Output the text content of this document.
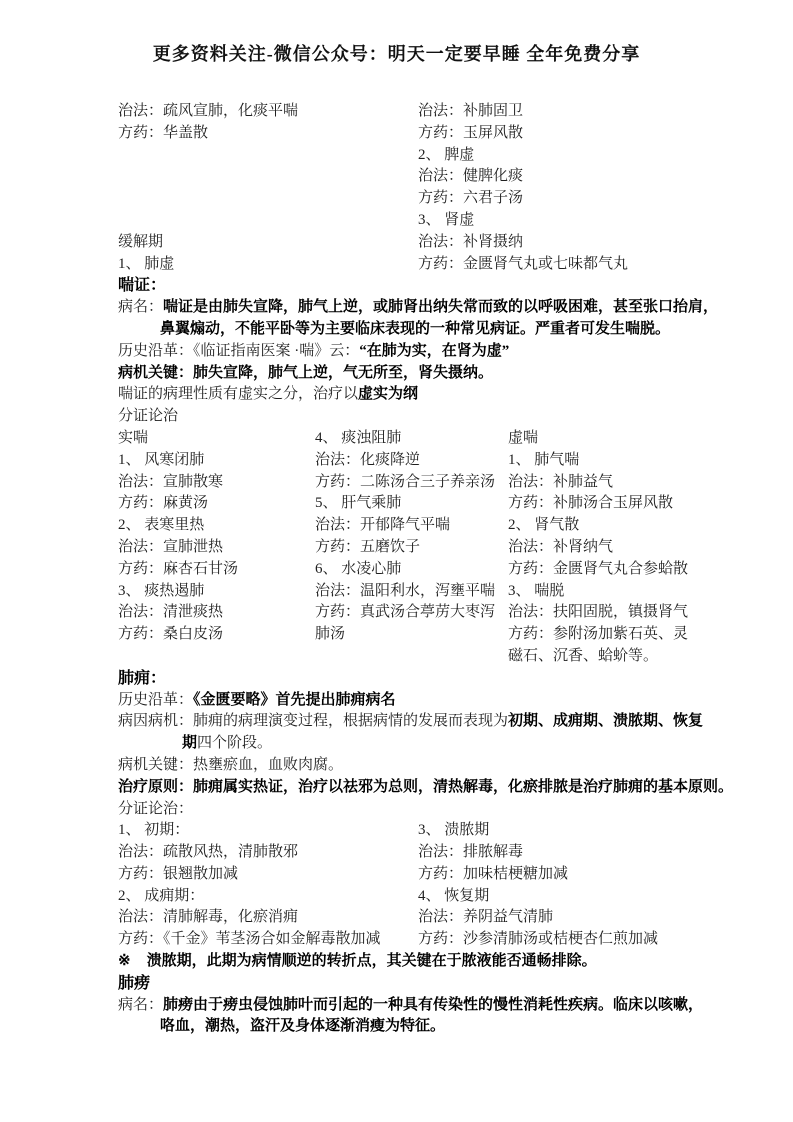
更多资料关注-微信公众号：明天一定要早睡 全年免费分享
治法：疏风宣肺，化痰平喘
方药：华盖散
缓解期
1、 肺虚
治法：补肺固卫
方药：玉屏风散
2、 脾虚
治法：健脾化痰
方药：六君子汤
3、 肾虚
治法：补肾摄纳
方药：金匮肾气丸或七味都气丸
喘证：
病名：喘证是由肺失宣降，肺气上逆，或肺肾出纳失常而致的以呼吸困难，甚至张口抬肩，
鼻翼煽动，不能平卧等为主要临床表现的一种常见病证。严重者可发生喘脱。
历史沿革：《临证指南医案 ·喘》云：“在肺为实，在肾为虚”
病机关键：肺失宣降，肺气上逆，气无所至，肾失摄纳。
喘证的病理性质有虚实之分，治疗以虚实为纲
分证论治
实喘
1、 风寒闭肺
治法：宣肺散寒
方药：麻黄汤
2、 表寒里热
治法：宣肺泄热
方药：麻杏石甘汤
3、 痰热遏肺
治法：清泄痰热
方药：桑白皮汤
4、 痰浊阻肺
治法：化痰降逆
方药：二陈汤合三子养亲汤
5、 肝气乘肺
治法：开郁降气平喘
方药：五磨饮子
6、 水凌心肺
治法：温阳利水，泻壅平喘
方药：真武汤合葶苈大枣泻
肺汤
虚喘
1、 肺气喘
治法：补肺益气
方药：补肺汤合玉屏风散
2、 肾气散
治法：补肾纳气
方药：金匮肾气丸合参蛤散
3、 喘脱
治法：扶阳固脱，镇摄肾气
方药：参附汤加紫石英、灵
磁石、沉香、蛤蚧等。
肺痈：
历史沿革：《金匮要略》首先提出肺痈病名
病因病机：肺痈的病理演变过程，根据病情的发展而表现为初期、成痈期、溃脓期、恢复
期四个阶段。
病机关键：热壅瘀血，血败肉腐。
治疗原则：肺痈属实热证，治疗以祛邪为总则，清热解毒，化瘀排脓是治疗肺痈的基本原则。
分证论治：
1、 初期：
治法：疏散风热，清肺散邪
方药：银翘散加减
2、 成痈期：
治法：清肺解毒，化瘀消痈
方药：《千金》苇茎汤合如金解毒散加减
3、 溃脓期
治法：排脓解毒
方药：加味桔梗糖加减
4、 恢复期
治法：养阴益气清肺
方药：沙参清肺汤或桔梗杏仁煎加减
※ 溃脓期，此期为病情顺逆的转折点，其关键在于脓液能否通畅排除。
肺痨
病名：肺痨由于痨虫侵蚀肺叶而引起的一种具有传染性的慢性消耗性疾病。临床以咳嗽，
咯血，潮热，盗汗及身体逐渐消瘦为特征。
